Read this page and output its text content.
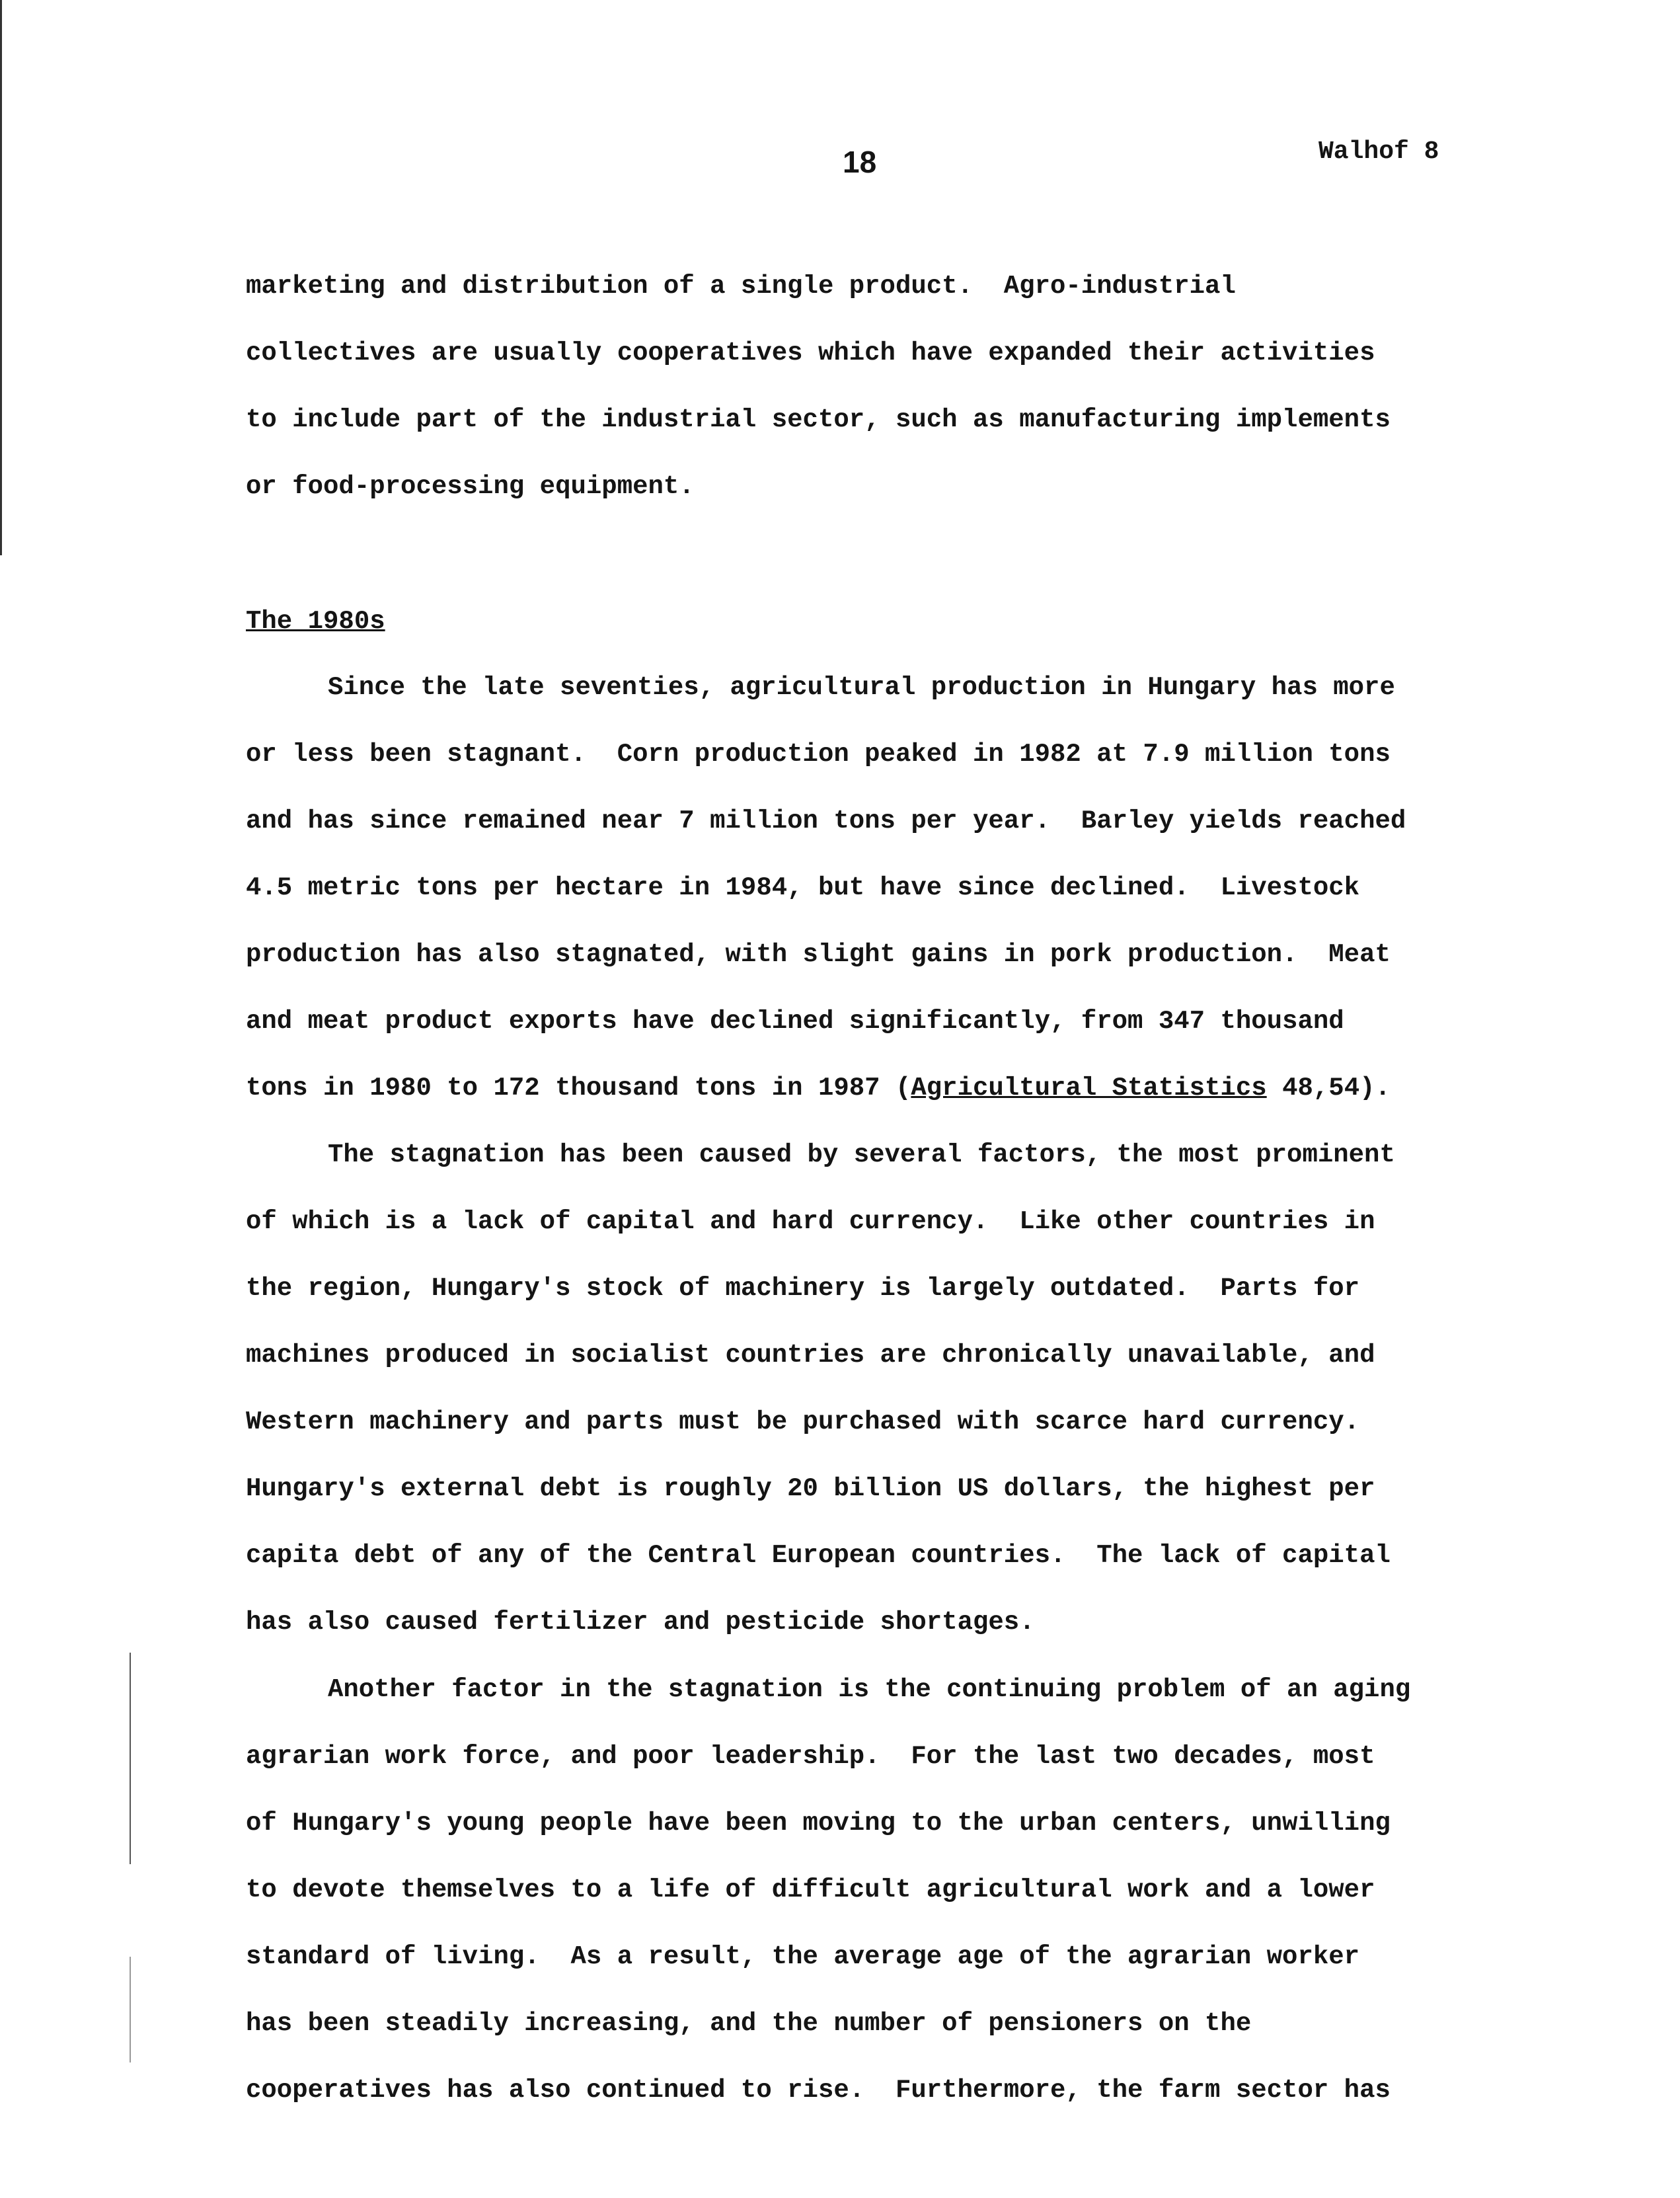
18	Walhof 8
marketing and distribution of a single product.  Agro-industrial
collectives are usually cooperatives which have expanded their activities
to include part of the industrial sector, such as manufacturing implements
or food-processing equipment.
The 1980s
Since the late seventies, agricultural production in Hungary has more
or less been stagnant.  Corn production peaked in 1982 at 7.9 million tons
and has since remained near 7 million tons per year.  Barley yields reached
4.5 metric tons per hectare in 1984, but have since declined.  Livestock
production has also stagnated, with slight gains in pork production.  Meat
and meat product exports have declined significantly, from 347 thousand
tons in 1980 to 172 thousand tons in 1987 (Agricultural Statistics 48,54).
The stagnation has been caused by several factors, the most prominent
of which is a lack of capital and hard currency.  Like other countries in
the region, Hungary's stock of machinery is largely outdated.  Parts for
machines produced in socialist countries are chronically unavailable, and
Western machinery and parts must be purchased with scarce hard currency.
Hungary's external debt is roughly 20 billion US dollars, the highest per
capita debt of any of the Central European countries.  The lack of capital
has also caused fertilizer and pesticide shortages.
Another factor in the stagnation is the continuing problem of an aging
agrarian work force, and poor leadership.  For the last two decades, most
of Hungary's young people have been moving to the urban centers, unwilling
to devote themselves to a life of difficult agricultural work and a lower
standard of living.  As a result, the average age of the agrarian worker
has been steadily increasing, and the number of pensioners on the
cooperatives has also continued to rise.  Furthermore, the farm sector has
